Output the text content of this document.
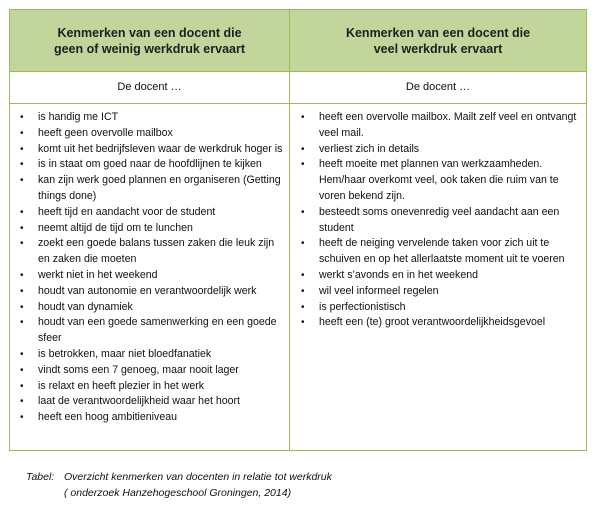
Kenmerken van een docent die
geen of weinig werkdruk ervaart
Kenmerken van een docent die
veel werkdruk ervaart
De docent …	De docent …
• is handig me ICT
• heeft geen overvolle mailbox
• komt uit het bedrijfsleven waar de werkdruk hoger is
• is in staat om goed naar de hoofdlijnen te kijken
• kan zijn werk goed plannen en organiseren (Getting things done)
• heeft tijd en aandacht voor de student
• neemt altijd de tijd om te lunchen
• zoekt een goede balans tussen zaken die leuk zijn en zaken die moeten
• werkt niet in het weekend
• houdt van autonomie en verantwoordelijk werk
• houdt van dynamiek
• houdt van een goede samenwerking en een goede sfeer
• is betrokken, maar niet bloedfanatiek
• vindt soms een 7 genoeg, maar nooit lager
• is relaxt en heeft plezier in het werk
• laat de verantwoordelijkheid waar het hoort
• heeft een hoog ambitieniveau
• heeft een overvolle mailbox. Mailt zelf veel en ontvangt veel mail.
• verliest zich in details
• heeft moeite met plannen van werkzaamheden. Hem/haar overkomt veel, ook taken die ruim van te voren bekend zijn.
• besteedt soms onevenredig veel aandacht aan een student
• heeft de neiging vervelende taken voor zich uit te schuiven en op het allerlaatste moment uit te voeren
• werkt s’avonds en in het weekend
• wil veel informeel regelen
• is perfectionistisch
• heeft een (te) groot verantwoordelijkheidsgevoel
Tabel: Overzicht kenmerken van docenten in relatie tot werkdruk
( onderzoek Hanzehogeschool Groningen, 2014)
